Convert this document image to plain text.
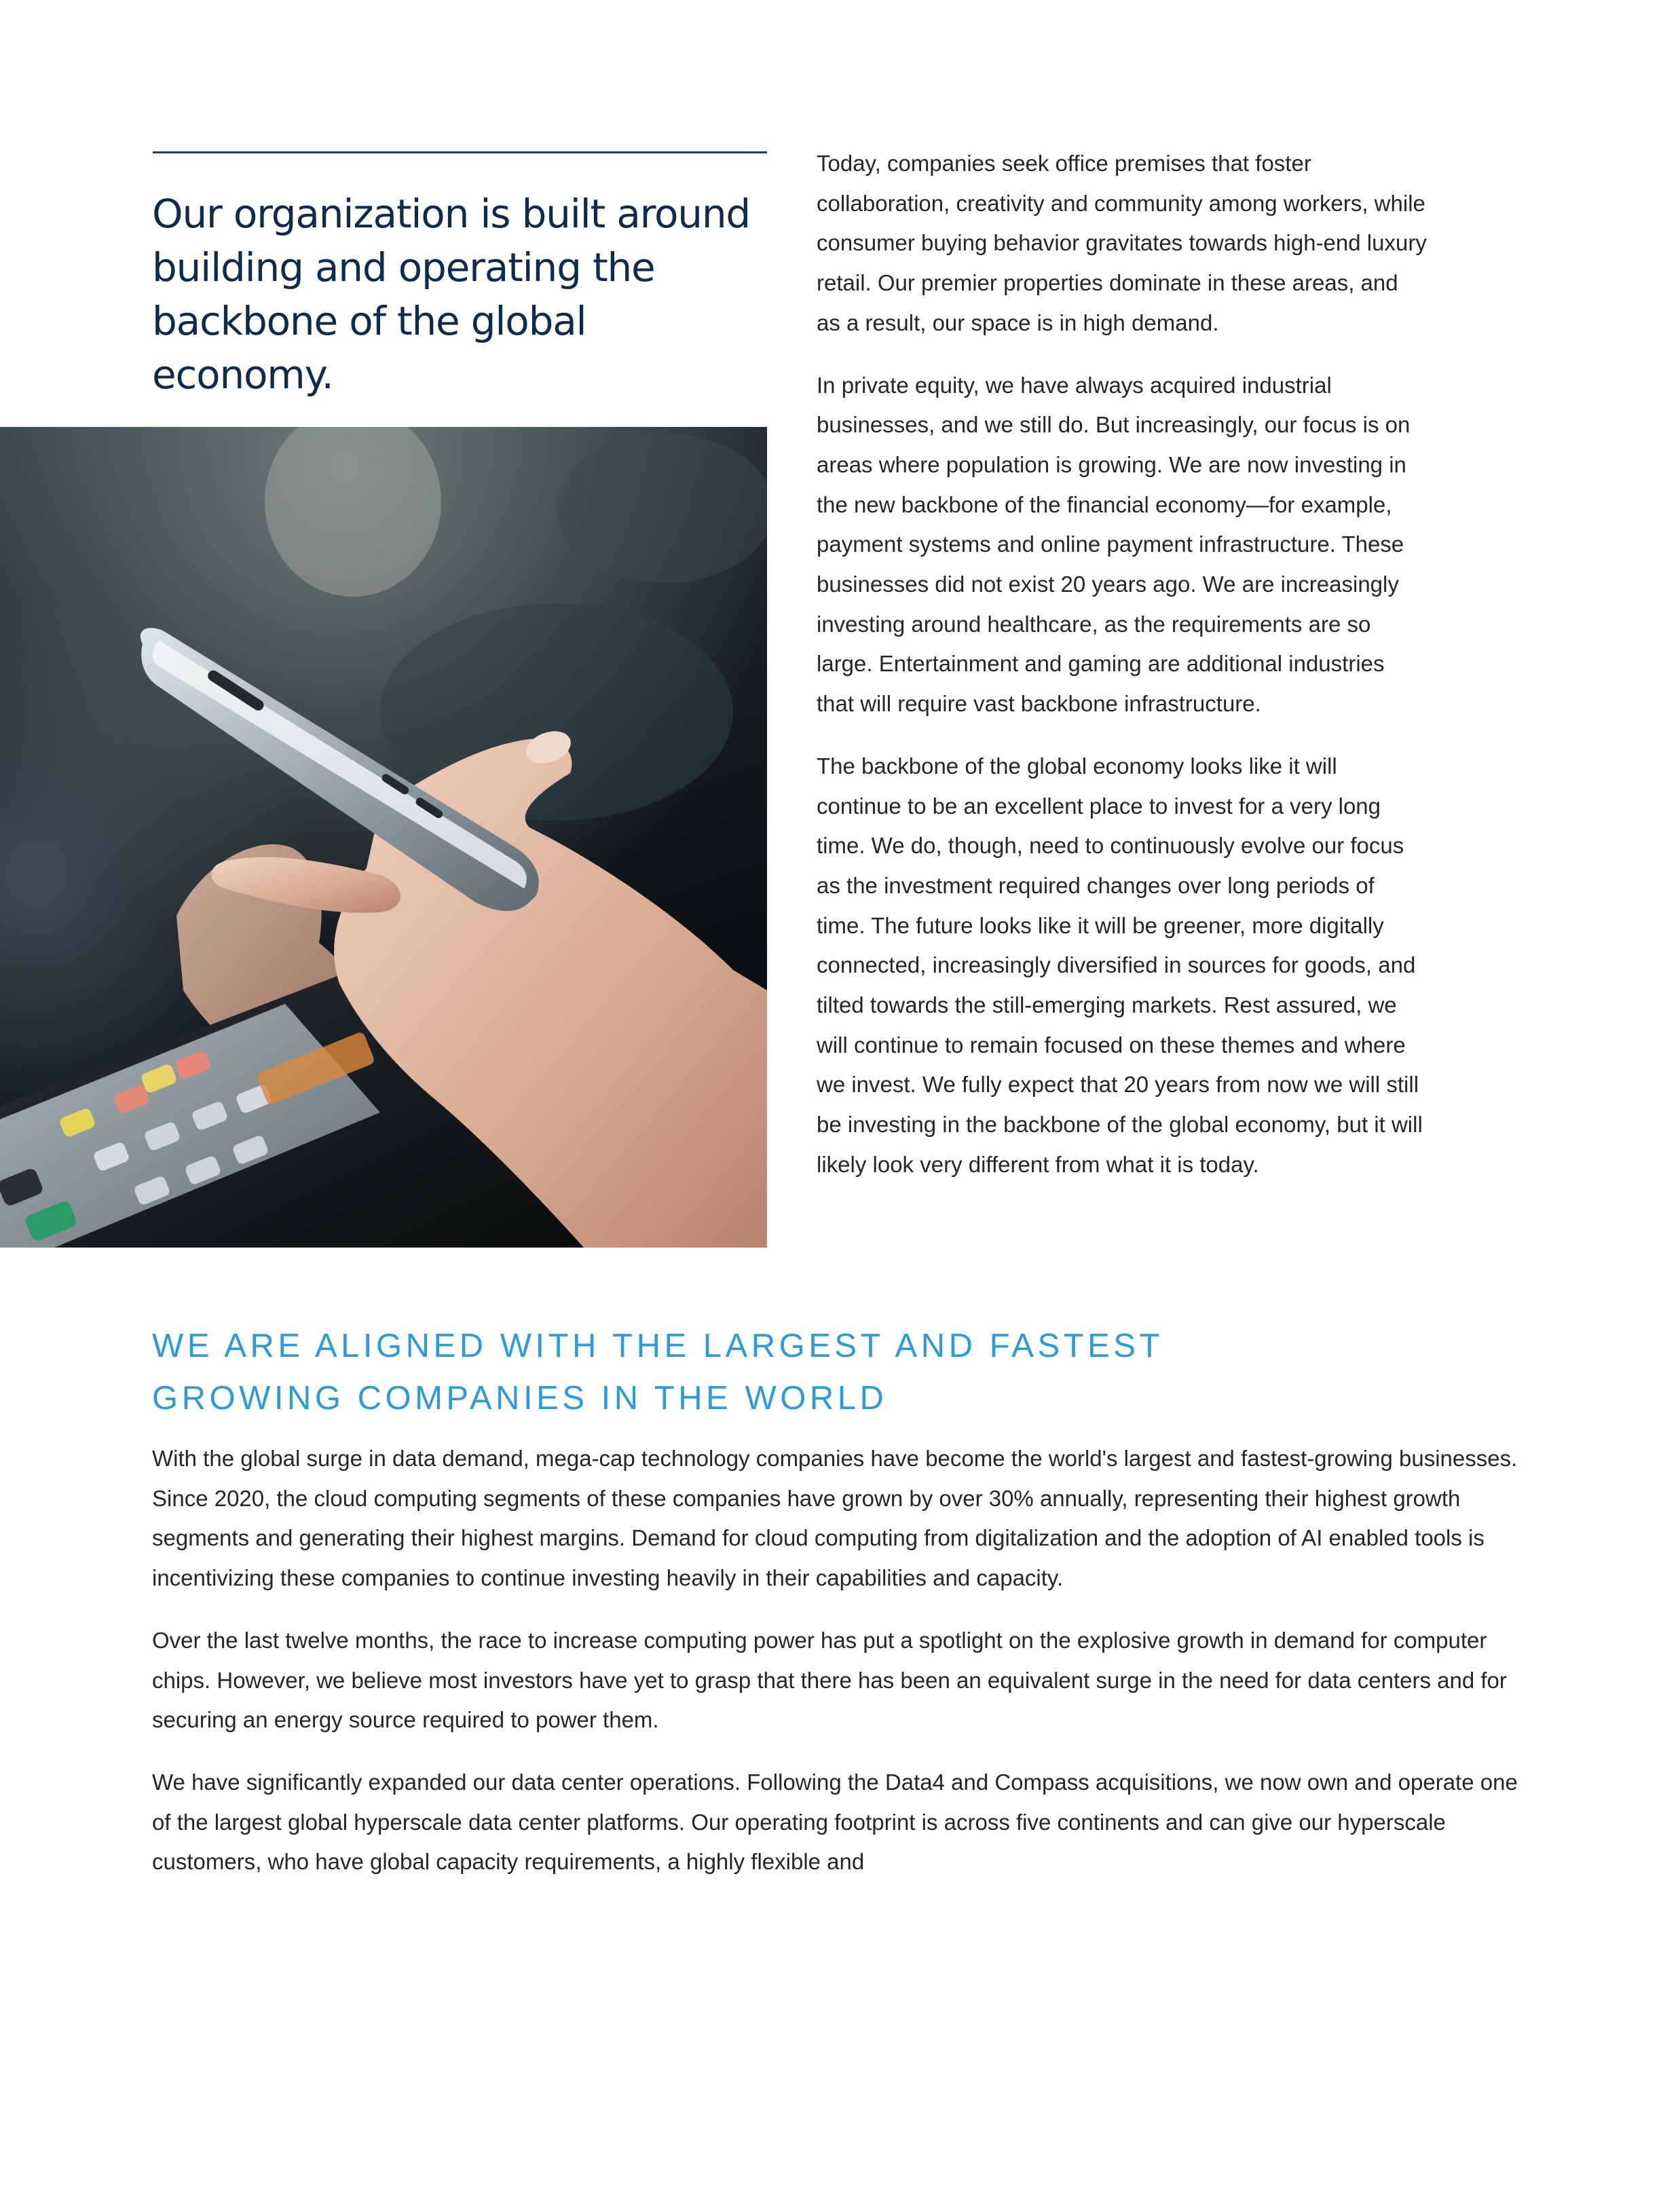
Our organization is built around building and operating the backbone of the global economy.

Today, companies seek office premises that foster collaboration, creativity and community among workers, while consumer buying behavior gravitates towards high-end luxury retail. Our premier properties dominate in these areas, and as a result, our space is in high demand.

In private equity, we have always acquired industrial businesses, and we still do. But increasingly, our focus is on areas where population is growing. We are now investing in the new backbone of the financial economy—for example, payment systems and online payment infrastructure. These businesses did not exist 20 years ago. We are increasingly investing around healthcare, as the requirements are so large. Entertainment and gaming are additional industries that will require vast backbone infrastructure.

The backbone of the global economy looks like it will continue to be an excellent place to invest for a very long time. We do, though, need to continuously evolve our focus as the investment required changes over long periods of time. The future looks like it will be greener, more digitally connected, increasingly diversified in sources for goods, and tilted towards the still-emerging markets. Rest assured, we will continue to remain focused on these themes and where we invest. We fully expect that 20 years from now we will still be investing in the backbone of the global economy, but it will likely look very different from what it is today.

WE ARE ALIGNED WITH THE LARGEST AND FASTEST
GROWING COMPANIES IN THE WORLD

With the global surge in data demand, mega-cap technology companies have become the world's largest and fastest-growing businesses. Since 2020, the cloud computing segments of these companies have grown by over 30% annually, representing their highest growth segments and generating their highest margins. Demand for cloud computing from digitalization and the adoption of AI enabled tools is incentivizing these companies to continue investing heavily in their capabilities and capacity.

Over the last twelve months, the race to increase computing power has put a spotlight on the explosive growth in demand for computer chips. However, we believe most investors have yet to grasp that there has been an equivalent surge in the need for data centers and for securing an energy source required to power them.

We have significantly expanded our data center operations. Following the Data4 and Compass acquisitions, we now own and operate one of the largest global hyperscale data center platforms. Our operating footprint is across five continents and can give our hyperscale customers, who have global capacity requirements, a highly flexible and
